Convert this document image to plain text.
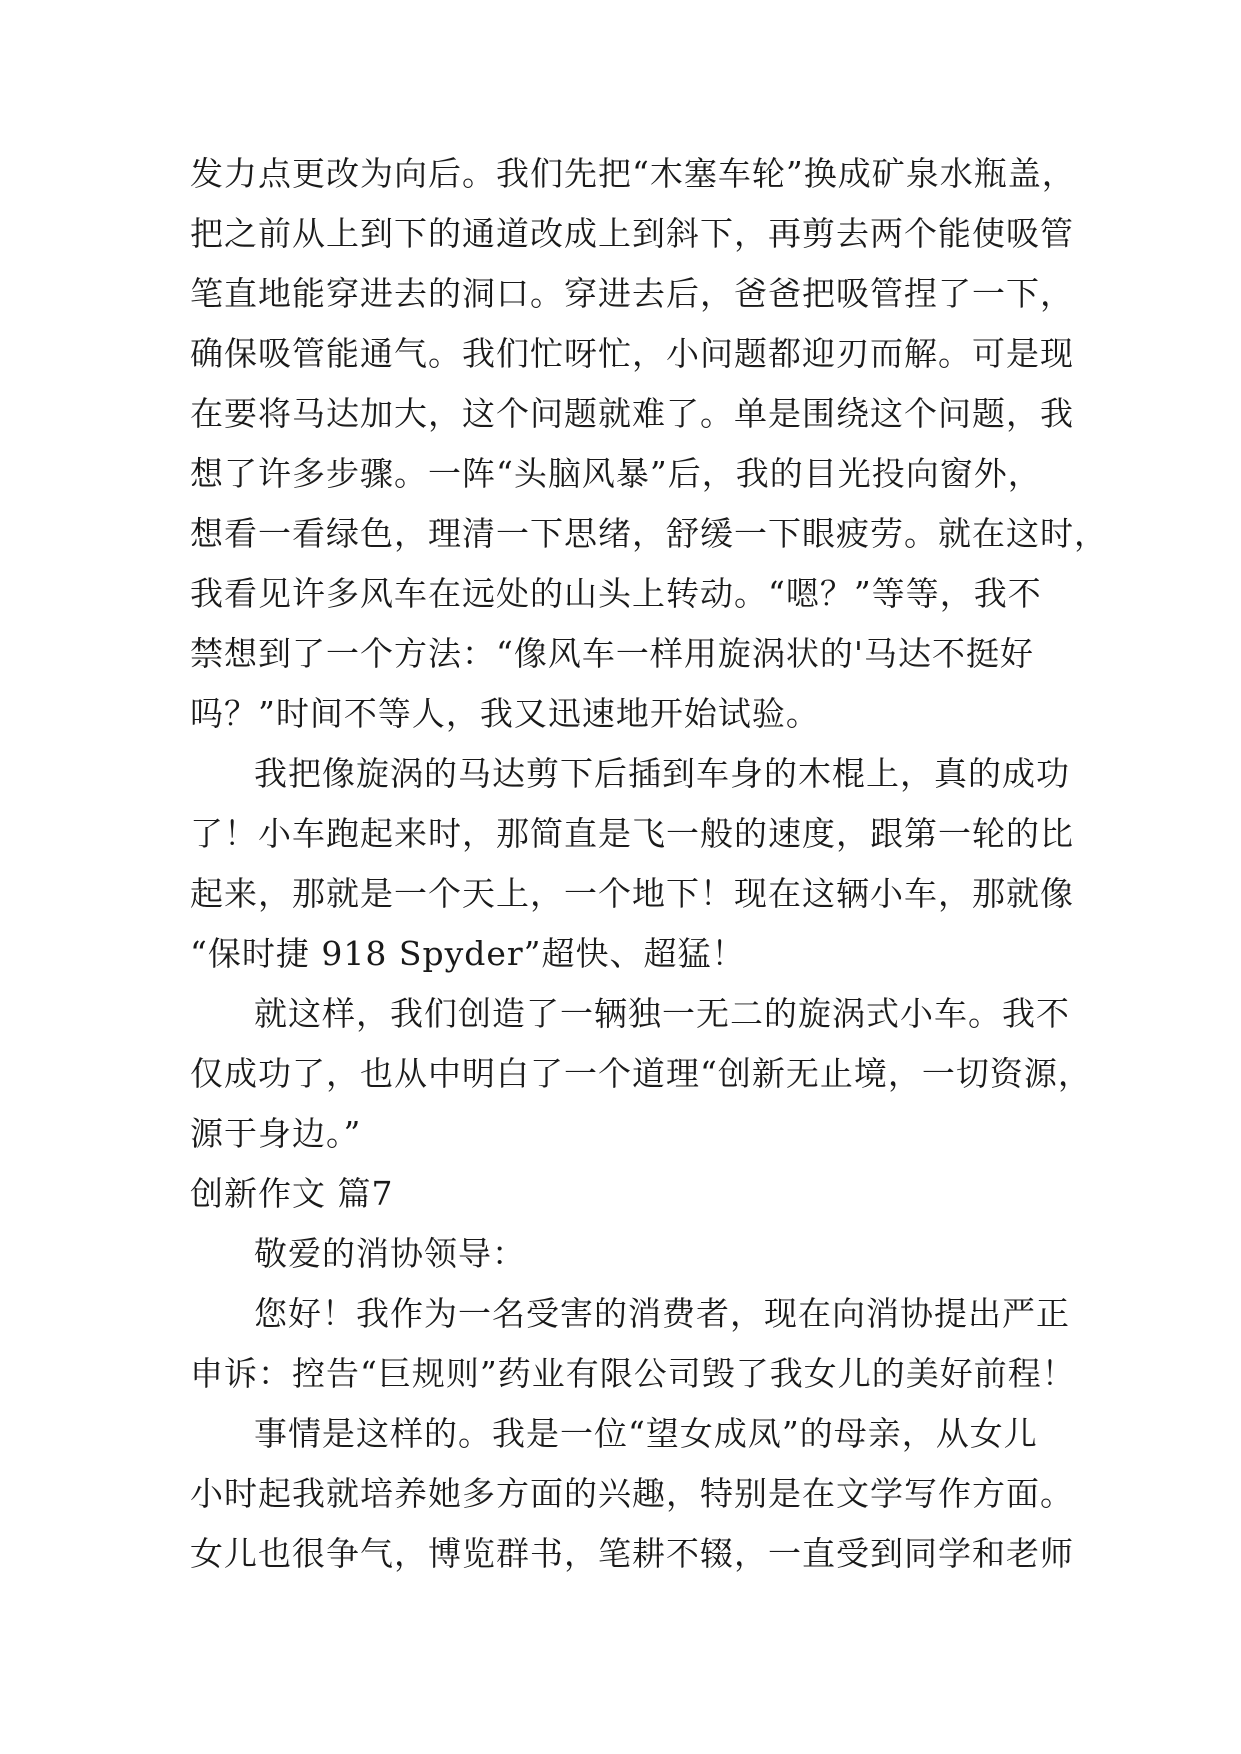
发力点更改为向后。我们先把“木塞车轮”换成矿泉水瓶盖，
把之前从上到下的通道改成上到斜下，再剪去两个能使吸管
笔直地能穿进去的洞口。穿进去后，爸爸把吸管捏了一下，
确保吸管能通气。我们忙呀忙，小问题都迎刃而解。可是现
在要将马达加大，这个问题就难了。单是围绕这个问题，我
想了许多步骤。一阵“头脑风暴”后，我的目光投向窗外，
想看一看绿色，理清一下思绪，舒缓一下眼疲劳。就在这时，
我看见许多风车在远处的山头上转动。“嗯？”等等，我不
禁想到了一个方法：“像风车一样用旋涡状的'马达不挺好
吗？”时间不等人，我又迅速地开始试验。
我把像旋涡的马达剪下后插到车身的木棍上，真的成功
了！小车跑起来时，那简直是飞一般的速度，跟第一轮的比
起来，那就是一个天上，一个地下！现在这辆小车，那就像
“保时捷 918 Spyder”超快、超猛！
就这样，我们创造了一辆独一无二的旋涡式小车。我不
仅成功了，也从中明白了一个道理“创新无止境，一切资源，
源于身边。”
创新作文 篇7
敬爱的消协领导：
您好！我作为一名受害的消费者，现在向消协提出严正
申诉：控告“巨规则”药业有限公司毁了我女儿的美好前程！
事情是这样的。我是一位“望女成凤”的母亲，从女儿
小时起我就培养她多方面的兴趣，特别是在文学写作方面。
女儿也很争气，博览群书，笔耕不辍，一直受到同学和老师
